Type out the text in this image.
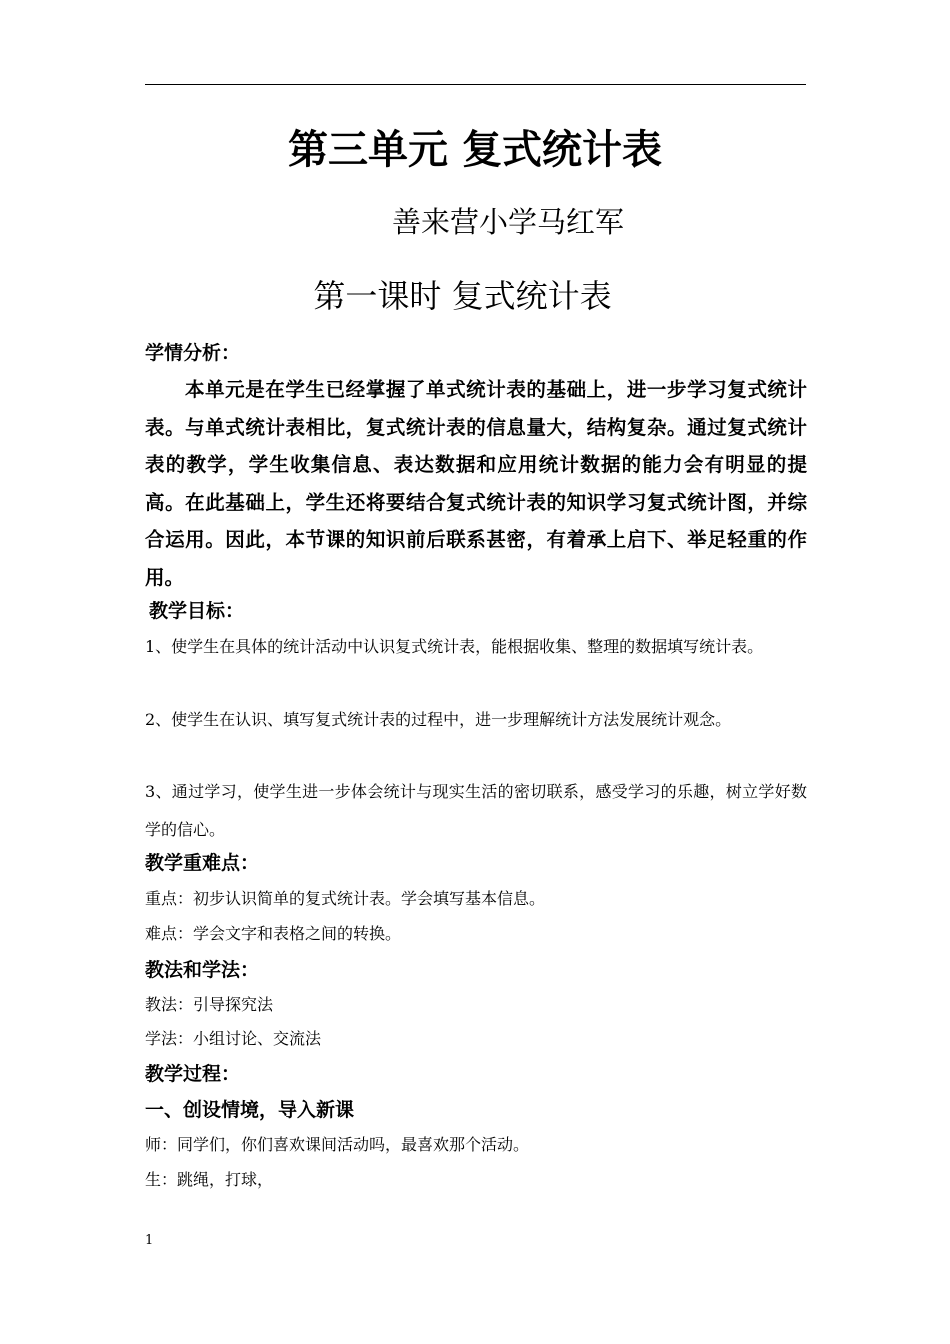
第三单元 复式统计表
善来营小学马红军
第一课时 复式统计表
学情分析：

本单元是在学生已经掌握了单式统计表的基础上，进一步学习复式统计表。与单式统计表相比，复式统计表的信息量大，结构复杂。通过复式统计表的教学，学生收集信息、表达数据和应用统计数据的能力会有明显的提高。在此基础上，学生还将要结合复式统计表的知识学习复式统计图，并综合运用。因此，本节课的知识前后联系甚密，有着承上启下、举足轻重的作用。

教学目标：
1、使学生在具体的统计活动中认识复式统计表，能根据收集、整理的数据填写统计表。
2、使学生在认识、填写复式统计表的过程中，进一步理解统计方法发展统计观念。
3、通过学习，使学生进一步体会统计与现实生活的密切联系，感受学习的乐趣，树立学好数学的信心。
教学重难点：
重点：初步认识简单的复式统计表。学会填写基本信息。
难点：学会文字和表格之间的转换。
教法和学法：
教法：引导探究法
学法：小组讨论、交流法
教学过程：
一、创设情境，导入新课
师：同学们，你们喜欢课间活动吗，最喜欢那个活动。
生：跳绳，打球，
1
